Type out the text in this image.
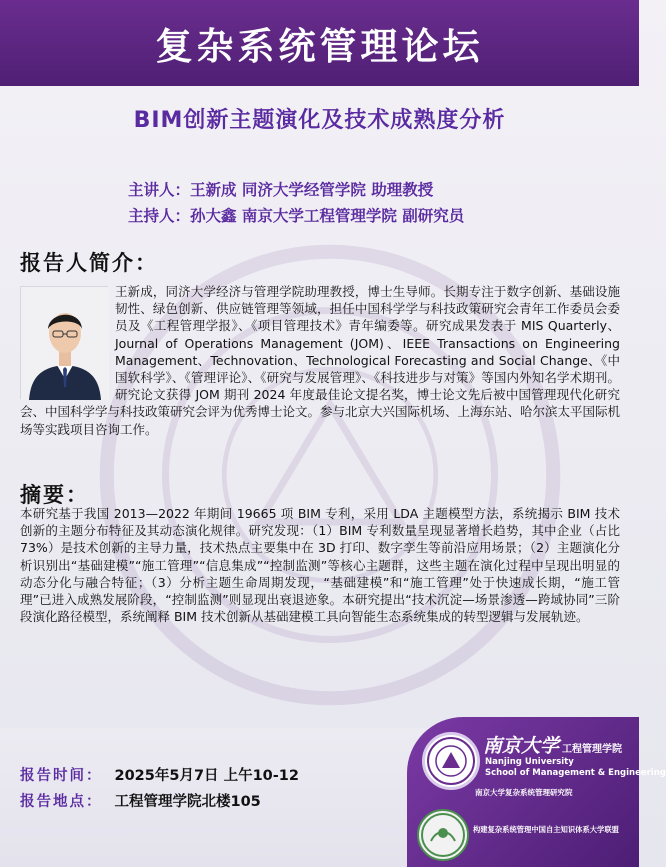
复杂系统管理论坛
BIM创新主题演化及技术成熟度分析
主讲人：王新成 同济大学经管学院 助理教授
主持人：孙大鑫 南京大学工程管理学院 副研究员
报告人简介：
王新成，同济大学经济与管理学院助理教授，博士生导师。长期专注于数字创新、基础设施韧性、绿色创新、供应链管理等领域，担任中国科学学与科技政策研究会青年工作委员会委员及《工程管理学报》、《项目管理技术》青年编委等。研究成果发表于 MIS Quarterly、Journal of Operations Management (JOM)、IEEE Transactions on Engineering Management、Technovation、Technological Forecasting and Social Change、《中国软科学》、《管理评论》、《研究与发展管理》、《科技进步与对策》等国内外知名学术期刊。研究论文获得 JOM 期刊 2024 年度最佳论文提名奖，博士论文先后被中国管理现代化研究会、中国科学学与科技政策研究会评为优秀博士论文。参与北京大兴国际机场、上海东站、哈尔滨太平国际机场等实践项目咨询工作。
摘要：
本研究基于我国 2013—2022 年期间 19665 项 BIM 专利，采用 LDA 主题模型方法，系统揭示 BIM 技术创新的主题分布特征及其动态演化规律。研究发现：（1）BIM 专利数量呈现显著增长趋势，其中企业（占比 73%）是技术创新的主导力量，技术热点主要集中在 3D 打印、数字孪生等前沿应用场景；（2）主题演化分析识别出“基础建模”“施工管理”“信息集成”“控制监测”等核心主题群，这些主题在演化过程中呈现出明显的动态分化与融合特征；（3）分析主题生命周期发现，“基础建模”和“施工管理”处于快速成长期，“施工管理”已进入成熟发展阶段，“控制监测”则显现出衰退迹象。本研究提出“技术沉淀—场景渗透—跨域协同”三阶段演化路径模型，系统阐释 BIM 技术创新从基础建模工具向智能生态系统集成的转型逻辑与发展轨迹。
报告时间： 2025年5月7日 上午10-12
报告地点： 工程管理学院北楼105
南京大学 工程管理学院
Nanjing University
School of Management & Engineering
南京大学复杂系统管理研究院
构建复杂系统管理中国自主知识体系大学联盟
